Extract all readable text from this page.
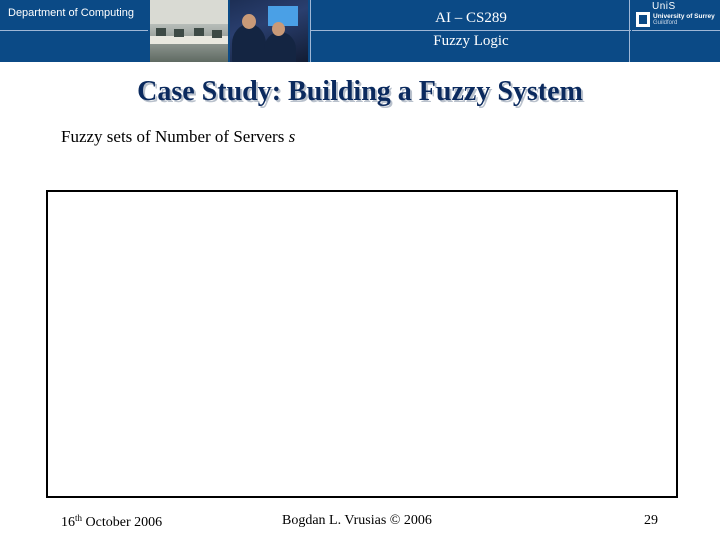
Department of Computing	AI – CS289
Fuzzy Logic
UniS
University of Surrey
Guildford
Case Study: Building a Fuzzy System
Fuzzy sets of Number of Servers s
16th October 2006	Bogdan L. Vrusias © 2006	29
